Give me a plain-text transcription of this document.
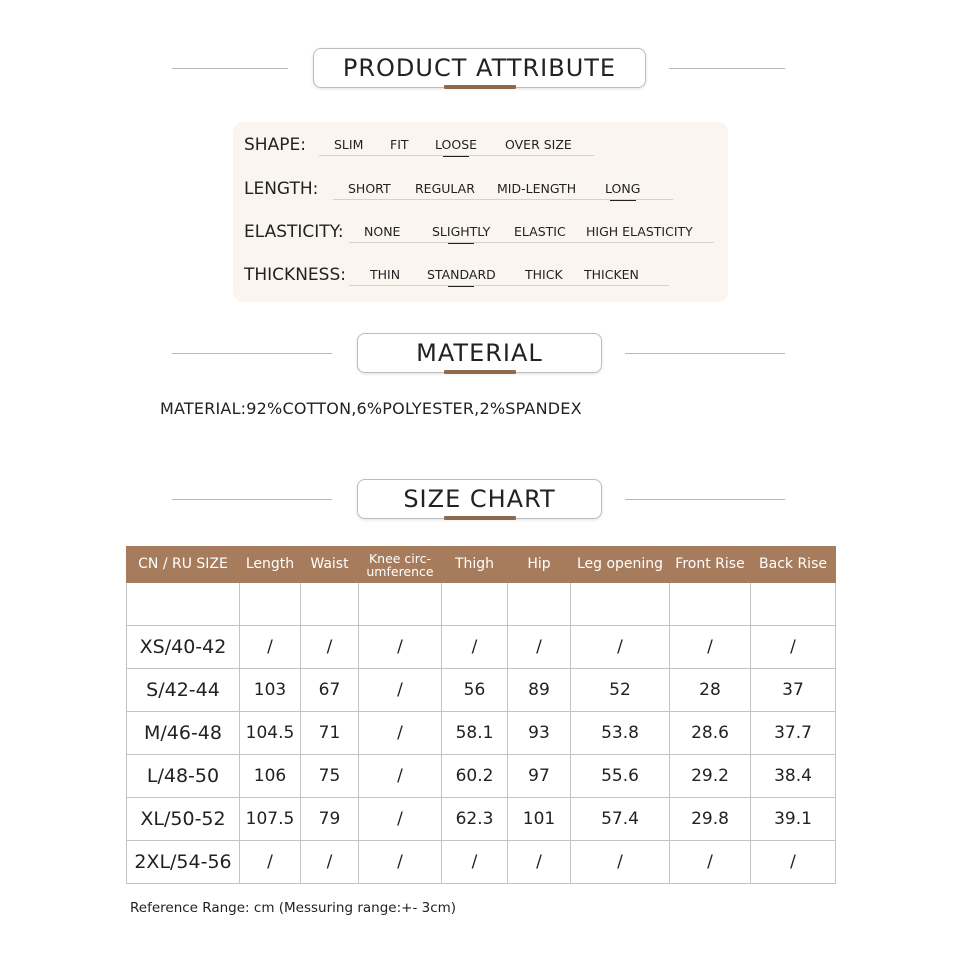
PRODUCT ATTRIBUTE
SHAPE: SLIM FIT LOOSE OVER SIZE
LENGTH: SHORT REGULAR MID-LENGTH LONG
ELASTICITY: NONE	SLIGHTLY ELASTIC HIGH ELASTICITY
THICKNESS: THIN STANDARD THICK THICKEN
MATERIAL
MATERIAL:92%COTTON,6%POLYESTER,2%SPANDEX
SIZE CHART
CN / RU SIZE	Length	Waist	Knee circ-umference	Thigh	Hip	Leg opening	Front Rise	Back Rise

XS/40-42	/	/	/	/	/	/	/	/
S/42-44	103	67	/	56	89	52	28	37
M/46-48	104.5	71	/	58.1	93	53.8	28.6	37.7
L/48-50	106	75	/	60.2	97	55.6	29.2	38.4
XL/50-52	107.5	79	/	62.3	101	57.4	29.8	39.1
2XL/54-56	/	/	/	/	/	/	/	/
Reference Range: cm (Messuring range:+- 3cm)
